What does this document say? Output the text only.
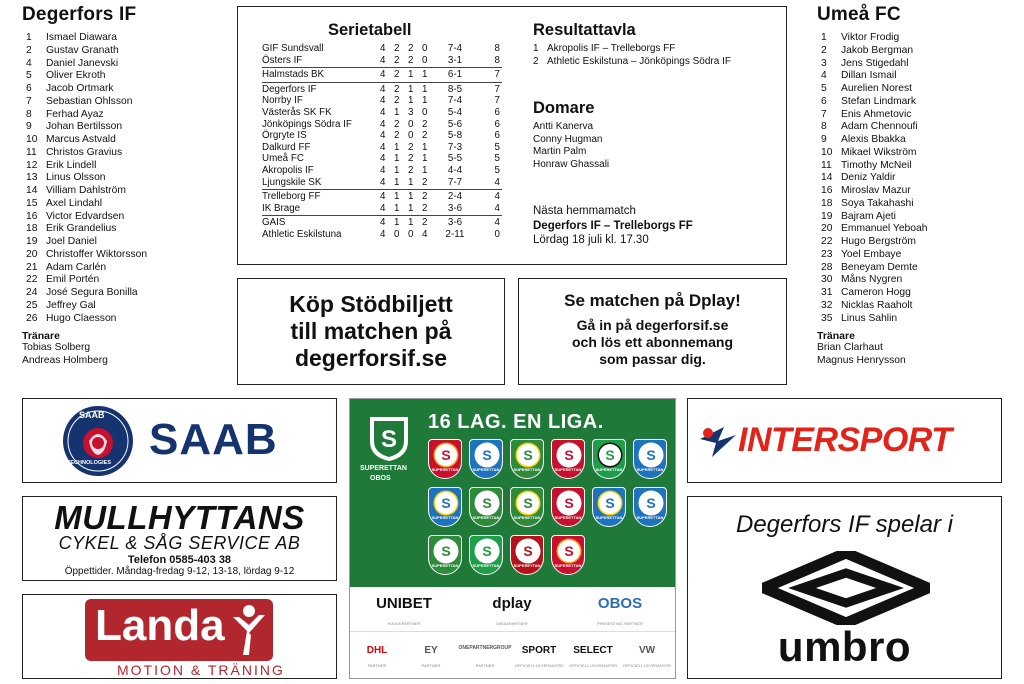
Degerfors IF
1	Ismael Diawara
2	Gustav Granath
4	Daniel Janevski
5	Oliver Ekroth
6	Jacob Ortmark
7	Sebastian Ohlsson
8	Ferhad Ayaz
9	Johan Bertilsson
10 Marcus Astvald
11 Christos Gravius
12 Erik Lindell
13 Linus Olsson
14 Villiam Dahlström
15 Axel Lindahl
16 Victor Edvardsen
18 Erik Grandelius
19 Joel Daniel
20 Christoffer Wiktorsson
21 Adam Carlén
22 Emil Portén
24 José Segura Bonilla
25 Jeffrey Gal
26 Hugo Claesson
Tränare
Tobias Solberg
Andreas Holmberg
Umeå FC
1	Viktor Frodig
2	Jakob Bergman
3	Jens Stigedahl
4	Dillan Ismail
5	Aurelien Norest
6	Stefan Lindmark
7	Enis Ahmetovic
8	Adam Chennoufi
9	Alexis Bbakka
10 Mikael Wikström
11 Timothy McNeil
14 Deniz Yaldir
16 Miroslav Mazur
18 Soya Takahashi
19 Bajram Ajeti
20 Emmanuel Yeboah
22 Hugo Bergström
23 Yoel Embaye
28 Beneyam Demte
30 Måns Nygren
31 Cameron Hogg
32 Nicklas Raaholt
35 Linus Sahlin
Tränare
Brian Clarhaut
Magnus Henrysson
Serietabell
GIF Sundsvall	4 2 2 0	7-4	8
Östers IF	4 2 2 0	3-1	8
Halmstads BK	4 2 1 1	6-1	7
Degerfors IF	4 2 1 1	8-5	7
Norrby IF	4 2 1 1	7-4	7
Västerås SK FK	4 1 3 0	5-4	6
Jönköpings Södra IF	4 2 0 2	5-6	6
Örgryte IS	4 2 0 2	5-8	6
Dalkurd FF	4 1 2 1	7-3	5
Umeå FC	4 1 2 1	5-5	5
Akropolis IF	4 1 2 1	4-4	5
Ljungskile SK	4 1 1 2	7-7	4
Trelleborg FF	4 1 1 2	2-4	4
IK Brage	4 1 1 2	3-6	4
GAIS	4 1 1 2	3-6	4
Athletic Eskilstuna	4 0 0 4	2-11	0
Resultattavla
1 Akropolis IF – Trelleborgs FF
2 Athletic Eskilstuna – Jönköpings Södra IF
Domare
Antti Kanerva
Conny Hugman
Martin Palm
Honraw Ghassali
Nästa hemmamatch
Degerfors IF – Trelleborgs FF
Lördag 18 juli kl. 17.30
Köp Stödbiljett
till matchen på
degerforsif.se
Se matchen på Dplay!
Gå in på degerforsif.se
och lös ett abonnemang
som passar dig.
SAAB
TECHNOLOGIES SAAB
MULLHYTTANS
CYKEL & SÅG SERVICE AB
Telefon 0585-403 38
Öppettider. Måndag-fredag 9-12, 13-18, lördag 9-12
Landa
MOTION & TRÄNING
INTERSPORT
Degerfors IF spelar i
umbro
S
SUPERETTAN
OBOS
16 LAG. EN LIGA.
S
SUPERETTAN
S
SUPERETTAN
S
SUPERETTAN
S
SUPERETTAN
S
SUPERETTAN
S
SUPERETTAN
S
SUPERETTAN
S
SUPERETTAN
S
SUPERETTAN
S
SUPERETTAN
S
SUPERETTAN
S
SUPERETTAN
S
SUPERETTAN
S
SUPERETTAN
S
SUPERETTAN
S
SUPERETTAN
UNIBET
HUVUDPARTNER
dplay
MEDIAPARTNER
OBOS
PRESENTING PARTNER
DHL
PARTNER
EY
PARTNER
ONEPARTNERGROUP
PARTNER
SPORT
OFFICIELL LEVERANTÖR
SELECT
OFFICIELL LEVERANTÖR
VW
OFFICIELL LEVERANTÖR
